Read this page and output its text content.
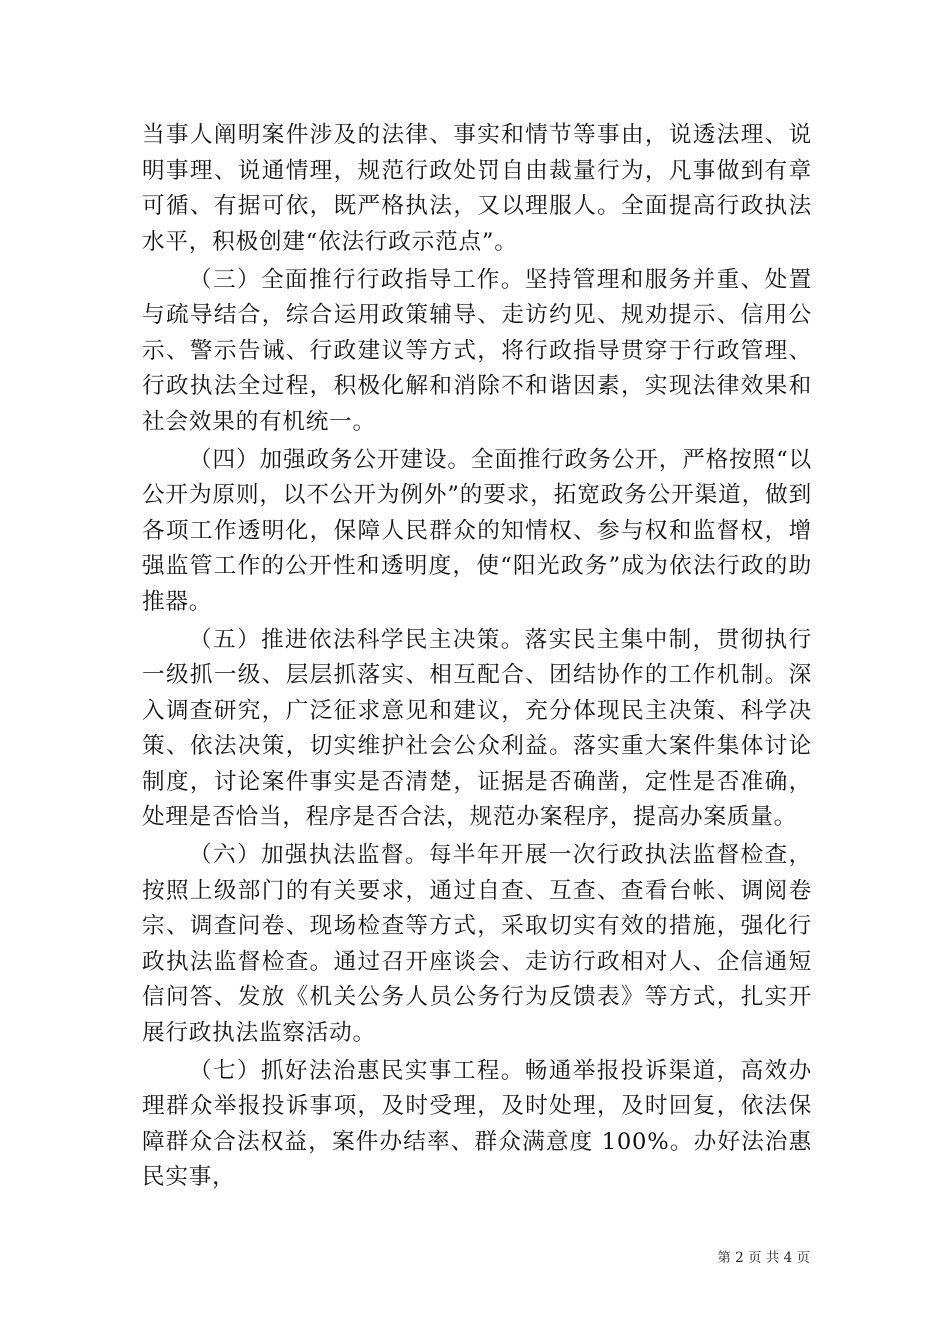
当事人阐明案件涉及的法律、事实和情节等事由，说透法理、说明事理、说通情理，规范行政处罚自由裁量行为，凡事做到有章可循、有据可依，既严格执法，又以理服人。全面提高行政执法水平，积极创建“依法行政示范点”。

（三）全面推行行政指导工作。坚持管理和服务并重、处置与疏导结合，综合运用政策辅导、走访约见、规劝提示、信用公示、警示告诫、行政建议等方式，将行政指导贯穿于行政管理、行政执法全过程，积极化解和消除不和谐因素，实现法律效果和社会效果的有机统一。

（四）加强政务公开建设。全面推行政务公开，严格按照“以公开为原则，以不公开为例外”的要求，拓宽政务公开渠道，做到各项工作透明化，保障人民群众的知情权、参与权和监督权，增强监管工作的公开性和透明度，使“阳光政务”成为依法行政的助推器。

（五）推进依法科学民主决策。落实民主集中制，贯彻执行一级抓一级、层层抓落实、相互配合、团结协作的工作机制。深入调查研究，广泛征求意见和建议，充分体现民主决策、科学决策、依法决策，切实维护社会公众利益。落实重大案件集体讨论制度，讨论案件事实是否清楚，证据是否确凿，定性是否准确，处理是否恰当，程序是否合法，规范办案程序，提高办案质量。

（六）加强执法监督。每半年开展一次行政执法监督检查，按照上级部门的有关要求，通过自查、互查、查看台帐、调阅卷宗、调查问卷、现场检查等方式，采取切实有效的措施，强化行政执法监督检查。通过召开座谈会、走访行政相对人、企信通短信问答、发放《机关公务人员公务行为反馈表》等方式，扎实开展行政执法监察活动。

（七）抓好法治惠民实事工程。畅通举报投诉渠道，高效办理群众举报投诉事项，及时受理，及时处理，及时回复，依法保障群众合法权益，案件办结率、群众满意度 100%。办好法治惠民实事，

第 2 页 共 4 页
